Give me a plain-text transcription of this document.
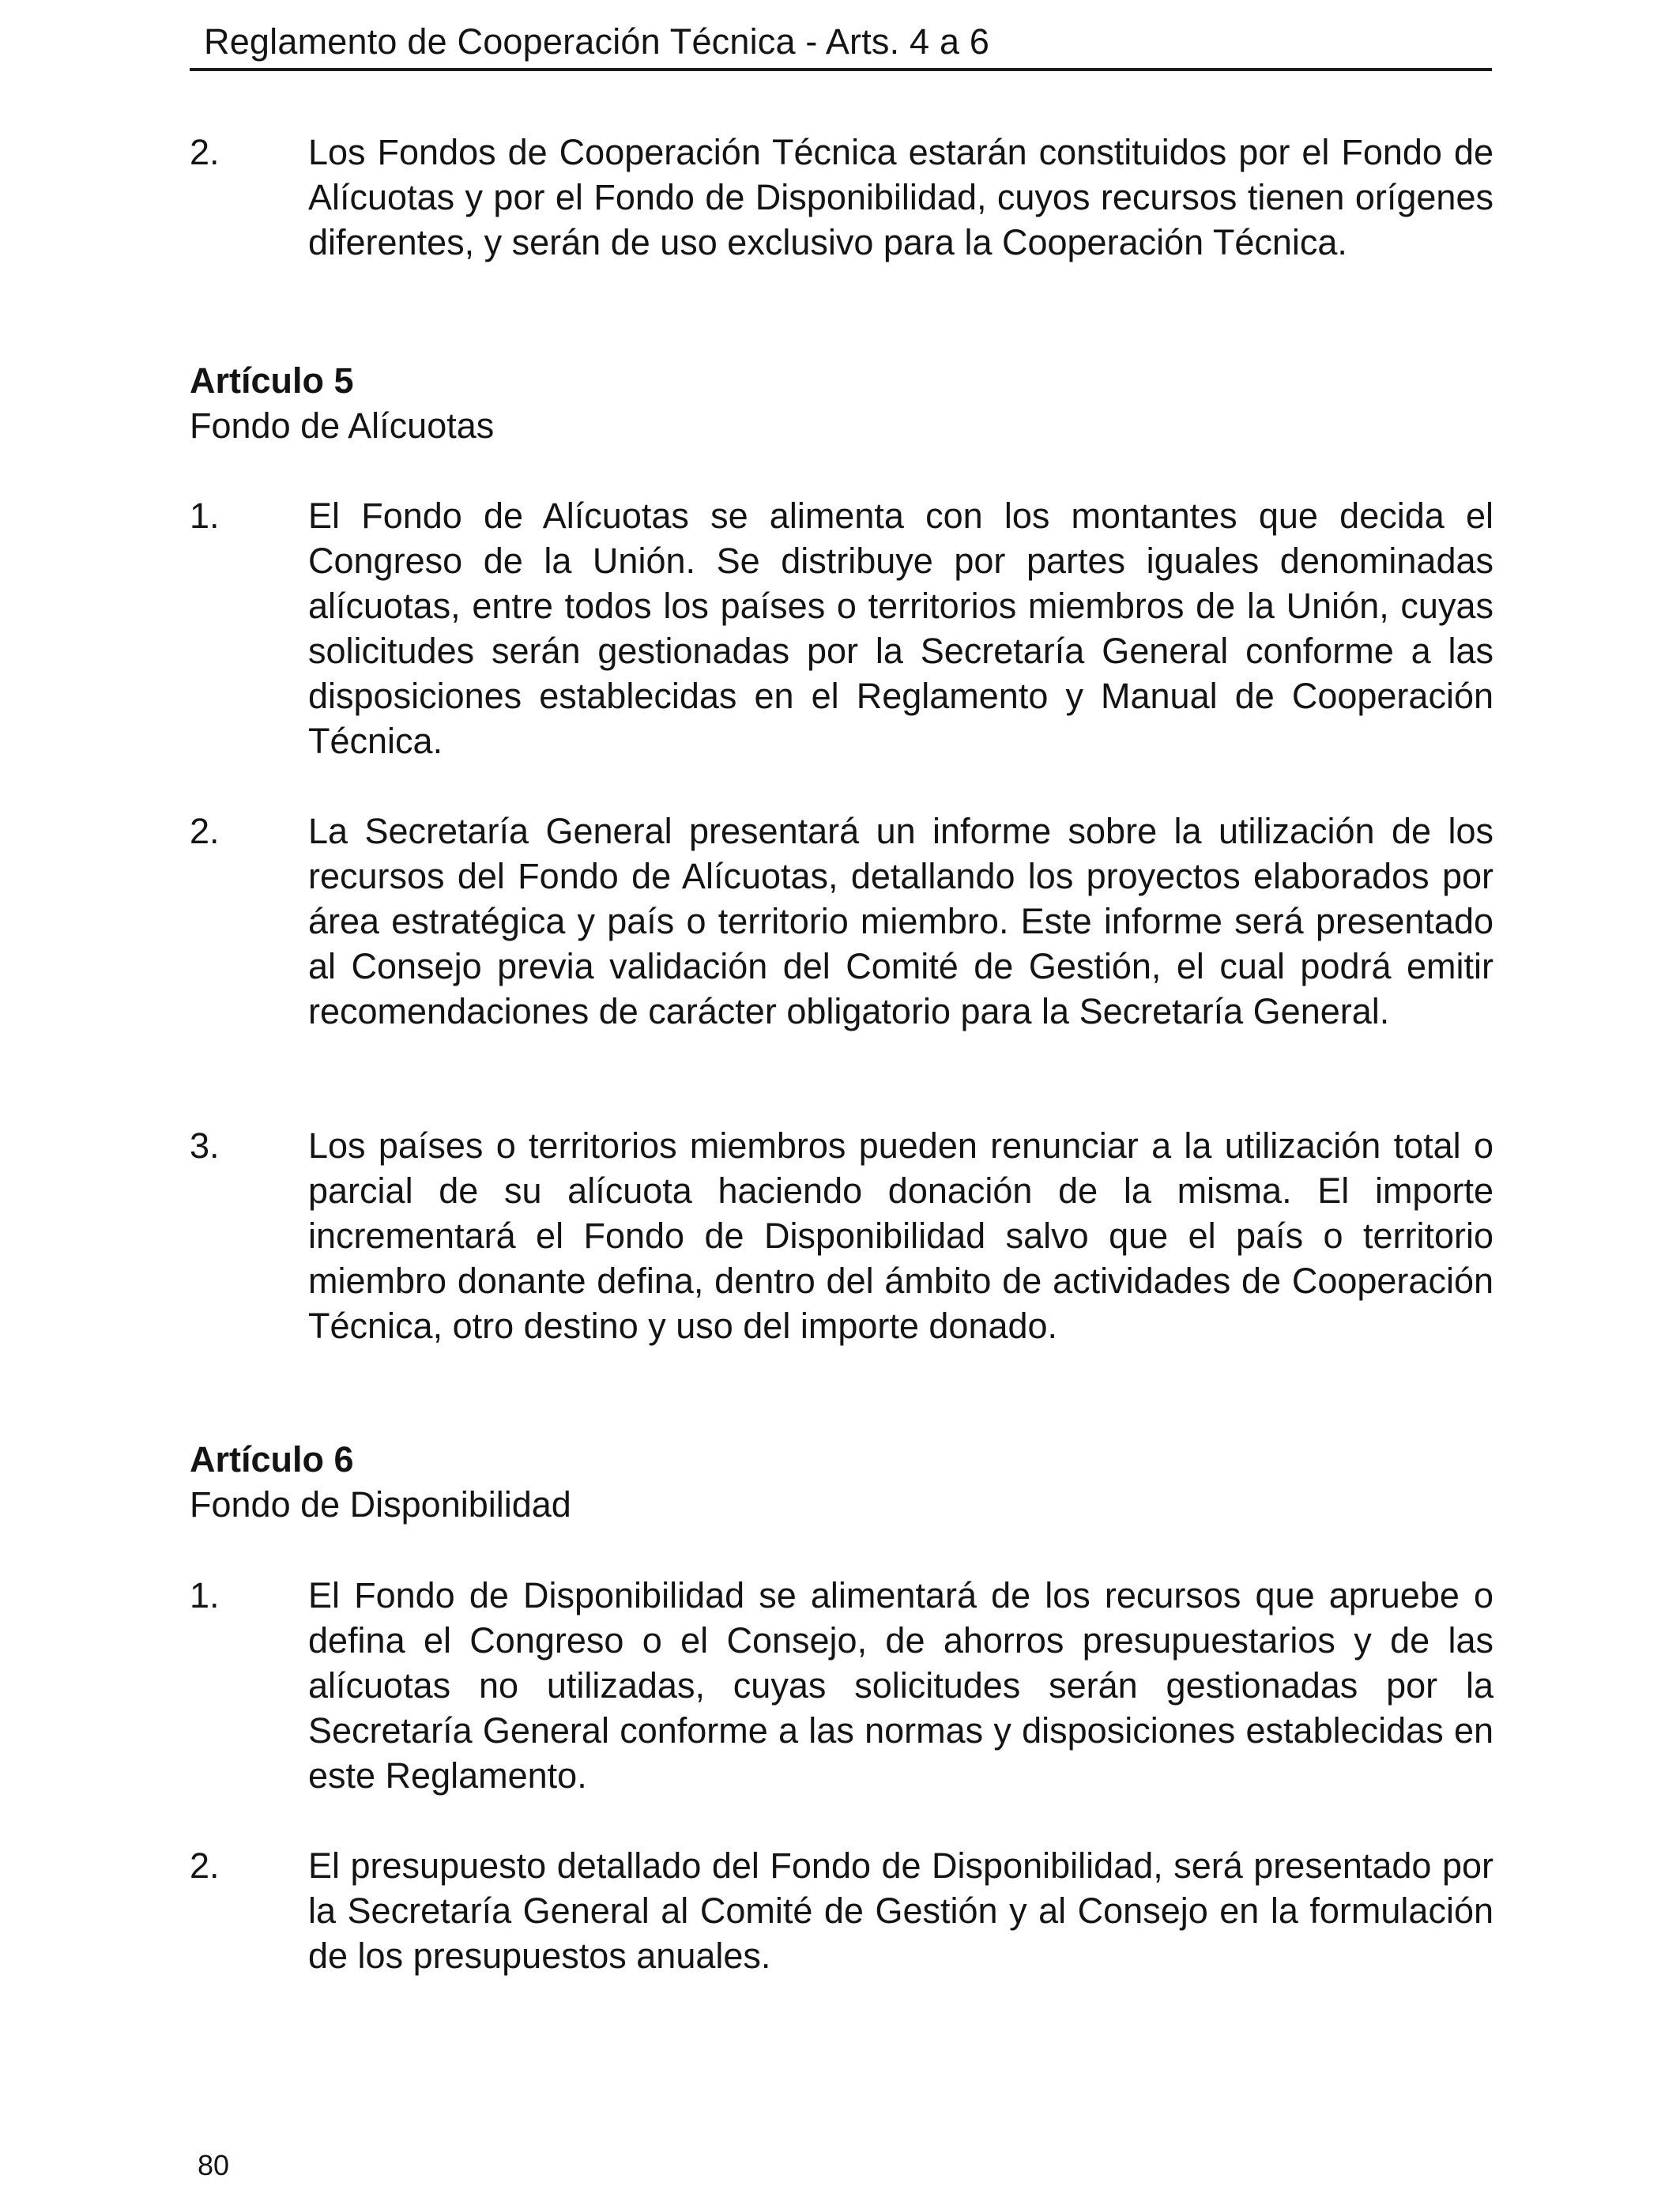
Reglamento de Cooperación Técnica - Arts. 4 a 6
2. Los Fondos de Cooperación Técnica estarán constituidos por el Fondo de Alícuotas y por el Fondo de Disponibilidad, cuyos recursos tienen orígenes diferentes, y serán de uso exclusivo para la Cooperación Técnica.
Artículo 5
Fondo de Alícuotas
1. El Fondo de Alícuotas se alimenta con los montantes que decida el Congreso de la Unión. Se distribuye por partes iguales denominadas alícuotas, entre todos los países o territorios miembros de la Unión, cuyas solicitudes serán gestionadas por la Secretaría General conforme a las disposiciones establecidas en el Reglamento y Manual de Cooperación Técnica.
2. La Secretaría General presentará un informe sobre la utilización de los recursos del Fondo de Alícuotas, detallando los proyectos elaborados por área estratégica y país o territorio miembro. Este informe será presentado al Consejo previa validación del Comité de Gestión, el cual podrá emitir recomendaciones de carácter obligatorio para la Secretaría General.
3. Los países o territorios miembros pueden renunciar a la utilización total o parcial de su alícuota haciendo donación de la misma. El importe incrementará el Fondo de Disponibilidad salvo que el país o territorio miembro donante defina, dentro del ámbito de actividades de Cooperación Técnica, otro destino y uso del importe donado.
Artículo 6
Fondo de Disponibilidad
1. El Fondo de Disponibilidad se alimentará de los recursos que apruebe o defina el Congreso o el Consejo, de ahorros presupuestarios y de las alícuotas no utilizadas, cuyas solicitudes serán gestionadas por la Secretaría General conforme a las normas y disposiciones establecidas en este Reglamento.
2. El presupuesto detallado del Fondo de Disponibilidad, será presentado por la Secretaría General al Comité de Gestión y al Consejo en la formulación de los presupuestos anuales.
80
